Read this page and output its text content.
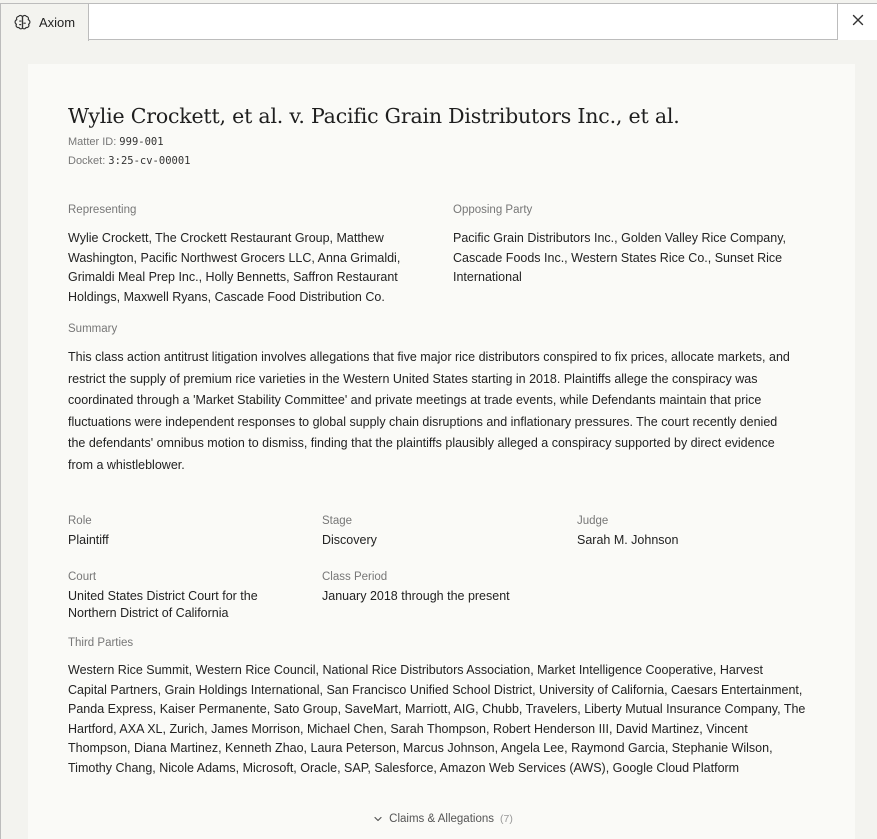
Axiom
Wylie Crockett, et al. v. Pacific Grain Distributors Inc., et al.
Matter ID: 999-001
Docket: 3:25-cv-00001
Representing
Wylie Crockett, The Crockett Restaurant Group, Matthew
Washington, Pacific Northwest Grocers LLC, Anna Grimaldi,
Grimaldi Meal Prep Inc., Holly Bennetts, Saffron Restaurant
Holdings, Maxwell Ryans, Cascade Food Distribution Co.
Opposing Party
Pacific Grain Distributors Inc., Golden Valley Rice Company,
Cascade Foods Inc., Western States Rice Co., Sunset Rice
International
Summary
This class action antitrust litigation involves allegations that five major rice distributors conspired to fix prices, allocate markets, and
restrict the supply of premium rice varieties in the Western United States starting in 2018. Plaintiffs allege the conspiracy was
coordinated through a 'Market Stability Committee' and private meetings at trade events, while Defendants maintain that price
fluctuations were independent responses to global supply chain disruptions and inflationary pressures. The court recently denied
the defendants' omnibus motion to dismiss, finding that the plaintiffs plausibly alleged a conspiracy supported by direct evidence
from a whistleblower.
Role
Plaintiff
Stage
Discovery
Judge
Sarah M. Johnson
Court
United States District Court for the
Northern District of California
Class Period
January 2018 through the present
Third Parties
Western Rice Summit, Western Rice Council, National Rice Distributors Association, Market Intelligence Cooperative, Harvest
Capital Partners, Grain Holdings International, San Francisco Unified School District, University of California, Caesars Entertainment,
Panda Express, Kaiser Permanente, Sato Group, SaveMart, Marriott, AIG, Chubb, Travelers, Liberty Mutual Insurance Company, The
Hartford, AXA XL, Zurich, James Morrison, Michael Chen, Sarah Thompson, Robert Henderson III, David Martinez, Vincent
Thompson, Diana Martinez, Kenneth Zhao, Laura Peterson, Marcus Johnson, Angela Lee, Raymond Garcia, Stephanie Wilson,
Timothy Chang, Nicole Adams, Microsoft, Oracle, SAP, Salesforce, Amazon Web Services (AWS), Google Cloud Platform
Claims & Allegations (7)
